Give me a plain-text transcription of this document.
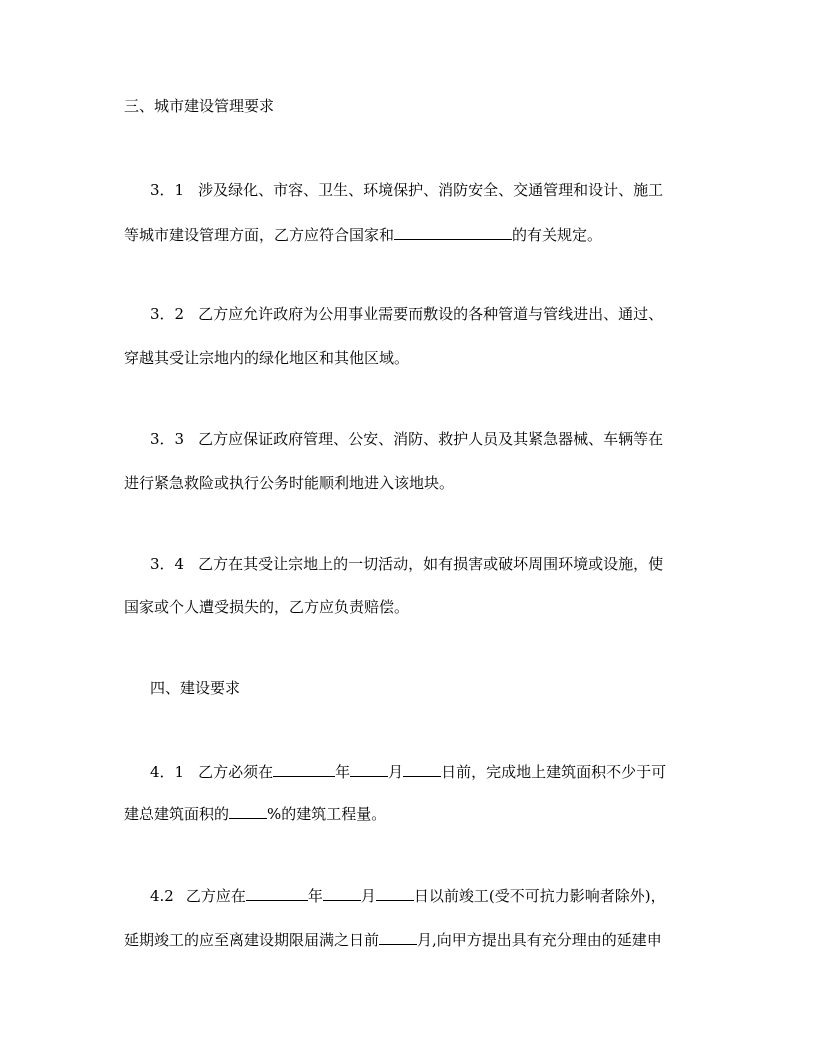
三、城市建设管理要求
3．1 涉及绿化、市容、卫生、环境保护、消防安全、交通管理和设计、施工
等城市建设管理方面，乙方应符合国家和	的有关规定。
3．2 乙方应允许政府为公用事业需要而敷设的各种管道与管线进出、通过、
穿越其受让宗地内的绿化地区和其他区域。
3．3 乙方应保证政府管理、公安、消防、救护人员及其紧急器械、车辆等在
进行紧急救险或执行公务时能顺利地进入该地块。
3．4 乙方在其受让宗地上的一切活动，如有损害或破坏周围环境或设施，使
国家或个人遭受损失的，乙方应负责赔偿。
四、建设要求
4．1 乙方必须在	年	月	日前，完成地上建筑面积不少于可
建总建筑面积的	%的建筑工程量。
4.2 乙方应在	年	月	日以前竣工(受不可抗力影响者除外)，
延期竣工的应至离建设期限届满之日前	月,向甲方提出具有充分理由的延建申
